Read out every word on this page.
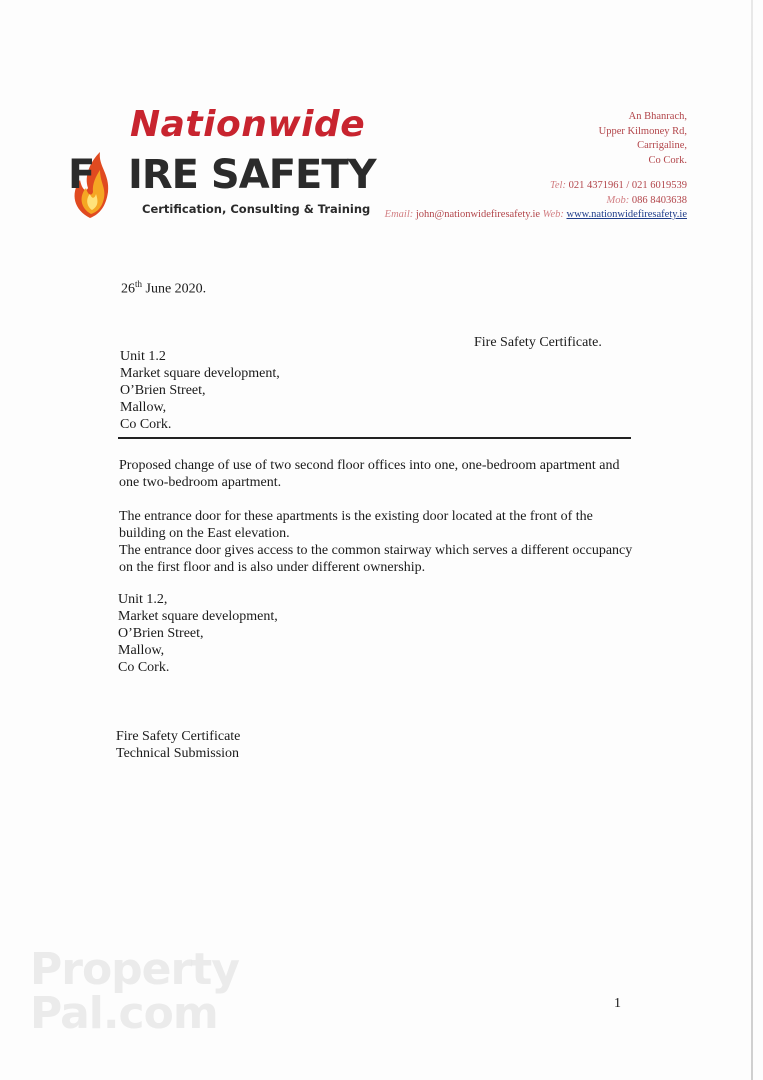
Nationwide
F IRE SAFETY
Certification, Consulting & Training
An Bhanrach,
Upper Kilmoney Rd,
Carrigaline,
Co Cork.
Tel: 021 4371961 / 021 6019539
Mob: 086 8403638
Email: john@nationwidefiresafety.ie Web: www.nationwidefiresafety.ie
26th June 2020.
Fire Safety Certificate.
Unit 1.2
Market square development,
O’Brien Street,
Mallow,
Co Cork.
Proposed change of use of two second floor offices into one, one-bedroom apartment and one two-bedroom apartment.
The entrance door for these apartments is the existing door located at the front of the building on the East elevation.
The entrance door gives access to the common stairway which serves a different occupancy on the first floor and is also under different ownership.
Unit 1.2,
Market square development,
O’Brien Street,
Mallow,
Co Cork.
Fire Safety Certificate
Technical Submission
1
Property
Pal.com
